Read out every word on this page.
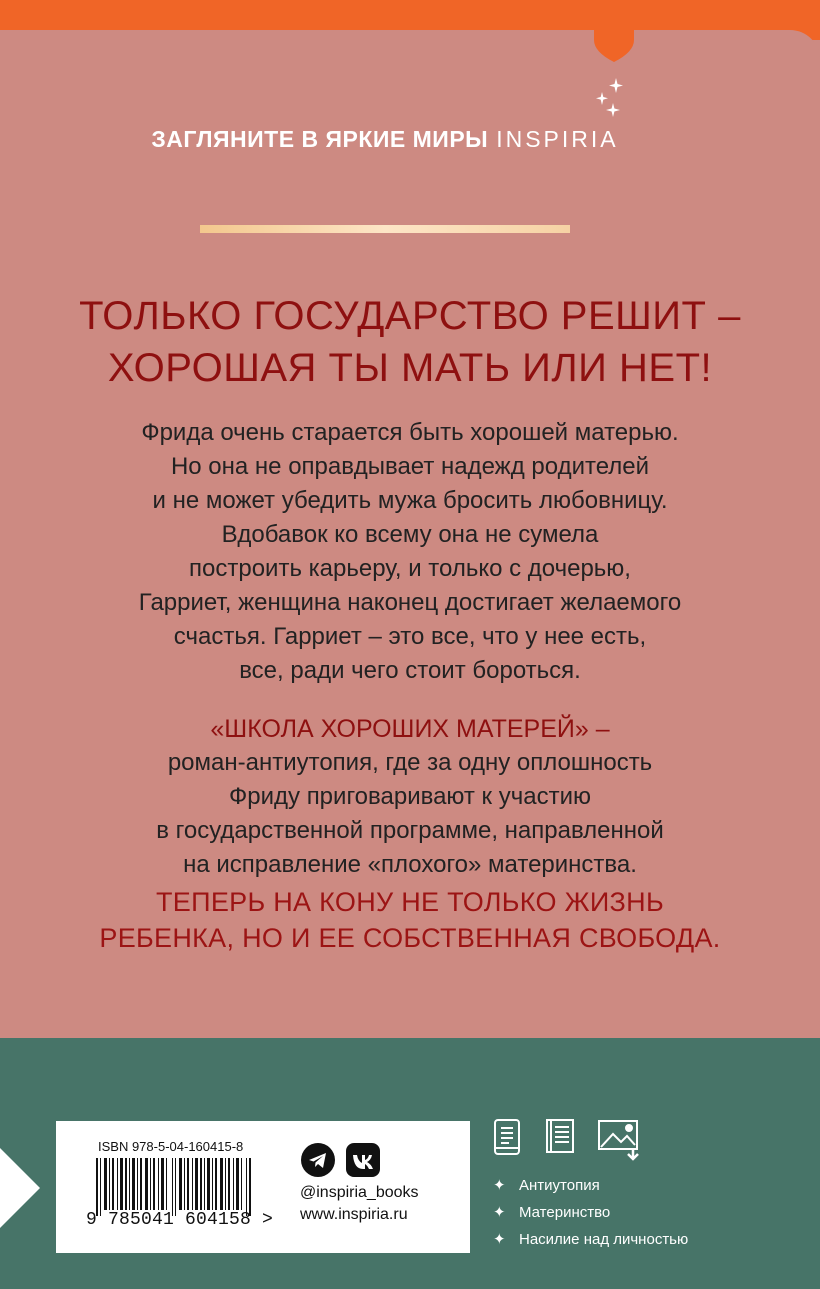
ЗАГЛЯНИТЕ В ЯРКИЕ МИРЫ INSPIRIA
ТОЛЬКО ГОСУДАРСТВО РЕШИТ –
ХОРОШАЯ ТЫ МАТЬ ИЛИ НЕТ!
Фрида очень старается быть хорошей матерью.
Но она не оправдывает надежд родителей
и не может убедить мужа бросить любовницу.
Вдобавок ко всему она не сумела
построить карьеру, и только с дочерью,
Гарриет, женщина наконец достигает желаемого
счастья. Гарриет – это все, что у нее есть,
все, ради чего стоит бороться.
«ШКОЛА ХОРОШИХ МАТЕРЕЙ» –
роман-антиутопия, где за одну оплошность
Фриду приговаривают к участию
в государственной программе, направленной
на исправление «плохого» материнства.
ТЕПЕРЬ НА КОНУ НЕ ТОЛЬКО ЖИЗНЬ
РЕБЕНКА, НО И ЕЕ СОБСТВЕННАЯ СВОБОДА.
ISBN 978-5-04-160415-8
9 785041 604158 >
@inspiria_books
www.inspiria.ru
✦ Антиутопия
✦ Материнство
✦ Насилие над личностью
